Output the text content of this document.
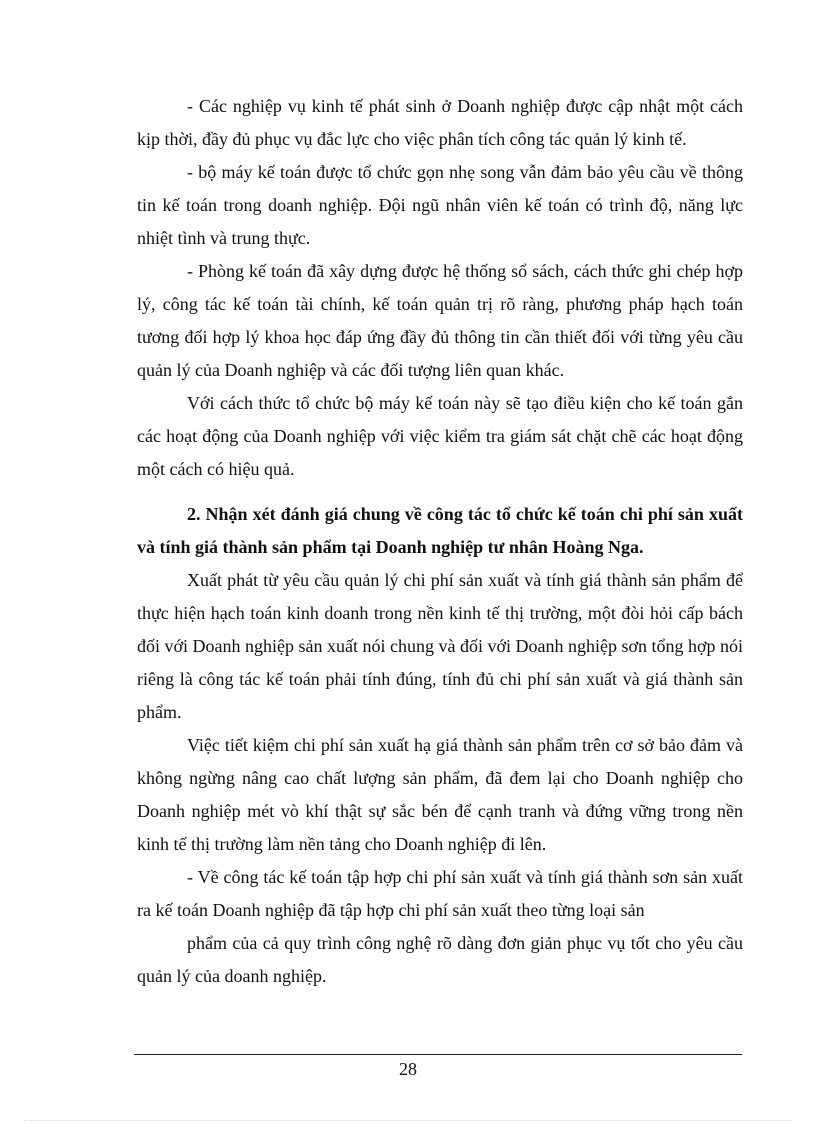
- Các nghiệp vụ kinh tế phát sinh ở Doanh nghiệp được cập nhật một cách kịp thời, đầy đủ phục vụ đắc lực cho việc phân tích công tác quản lý kinh tế.

- bộ máy kế toán được tổ chức gọn nhẹ song vẫn đảm bảo yêu cầu về thông tin kế toán trong doanh nghiệp. Đội ngũ nhân viên kế toán có trình độ, năng lực nhiệt tình và trung thực.

- Phòng kế toán đã xây dựng được hệ thống sổ sách, cách thức ghi chép hợp lý, công tác kế toán tài chính, kế toán quản trị rõ ràng, phương pháp hạch toán tương đối hợp lý khoa học đáp ứng đầy đủ thông tin cần thiết đối với từng yêu cầu quản lý của Doanh nghiệp và các đối tượng liên quan khác.

Với cách thức tổ chức bộ máy kế toán này sẽ tạo điều kiện cho kế toán gắn các hoạt động của Doanh nghiệp với việc kiểm tra giám sát chặt chẽ các hoạt động một cách có hiệu quả.

2. Nhận xét đánh giá chung về công tác tổ chức kế toán chi phí sản xuất và tính giá thành sản phẩm tại Doanh nghiệp tư nhân Hoàng Nga.

Xuất phát từ yêu cầu quản lý chi phí sản xuất và tính giá thành sản phẩm để thực hiện hạch toán kinh doanh trong nền kinh tế thị trường, một đòi hỏi cấp bách đối với Doanh nghiệp sản xuất nói chung và đối với Doanh nghiệp sơn tổng hợp nói riêng là công tác kế toán phải tính đúng, tính đủ chi phí sản xuất và giá thành sản phẩm.

Việc tiết kiệm chi phí sản xuất hạ giá thành sản phẩm trên cơ sở bảo đảm và không ngừng nâng cao chất lượng sản phẩm, đã đem lại cho Doanh nghiệp cho Doanh nghiệp mét vò khí thật sự sắc bén để cạnh tranh và đứng vững trong nền kinh tế thị trường làm nền tảng cho Doanh nghiệp đi lên.

- Về công tác kế toán tập hợp chi phí sản xuất và tính giá thành sơn sản xuất ra kế toán Doanh nghiệp đã tập hợp chi phí sản xuất theo từng loại sản

phẩm của cả quy trình công nghệ rõ dàng đơn giản phục vụ tốt cho yêu cầu quản lý của doanh nghiệp.

28
